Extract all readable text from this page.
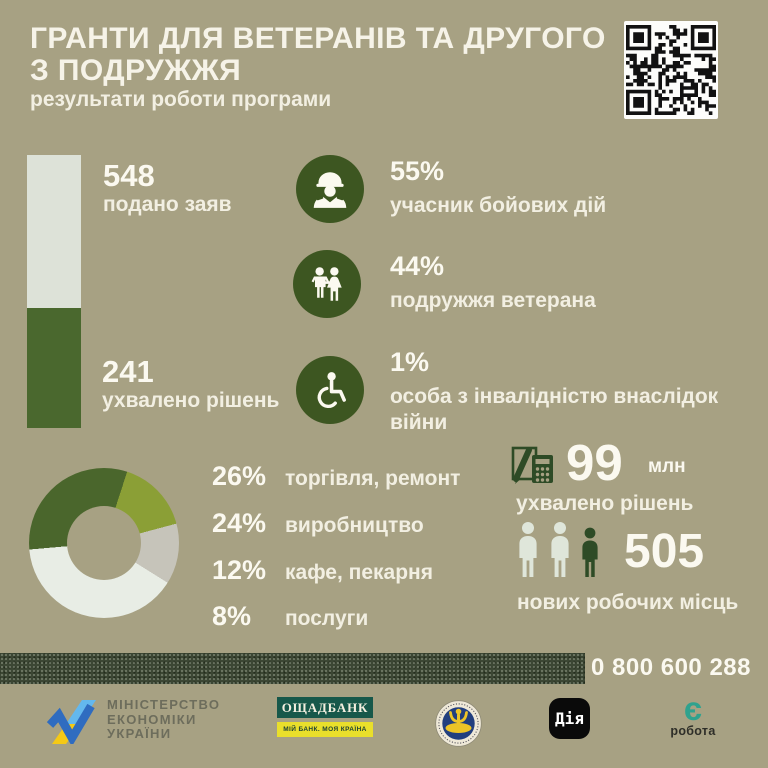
ГРАНТИ ДЛЯ ВЕТЕРАНІВ ТА ДРУГОГО
З ПОДРУЖЖЯ
результати роботи програми
548
подано заяв
241
ухвалено рішень
55%
учасник бойових дій
44%
подружжя ветерана
1%
особа з інвалідністю внаслідок війни
26% торгівля, ремонт
24% виробництво
12% кафе, пекарня
8%	послуги
99 млн
ухвалено рішень
505
нових робочих місць
0 800 600 288
МІНІСТЕРСТВО
ЕКОНОМІКИ
УКРАЇНИ
ОЩАДБАНК
МІЙ БАНК. МОЯ КРАЇНА
Дія	є
робота
